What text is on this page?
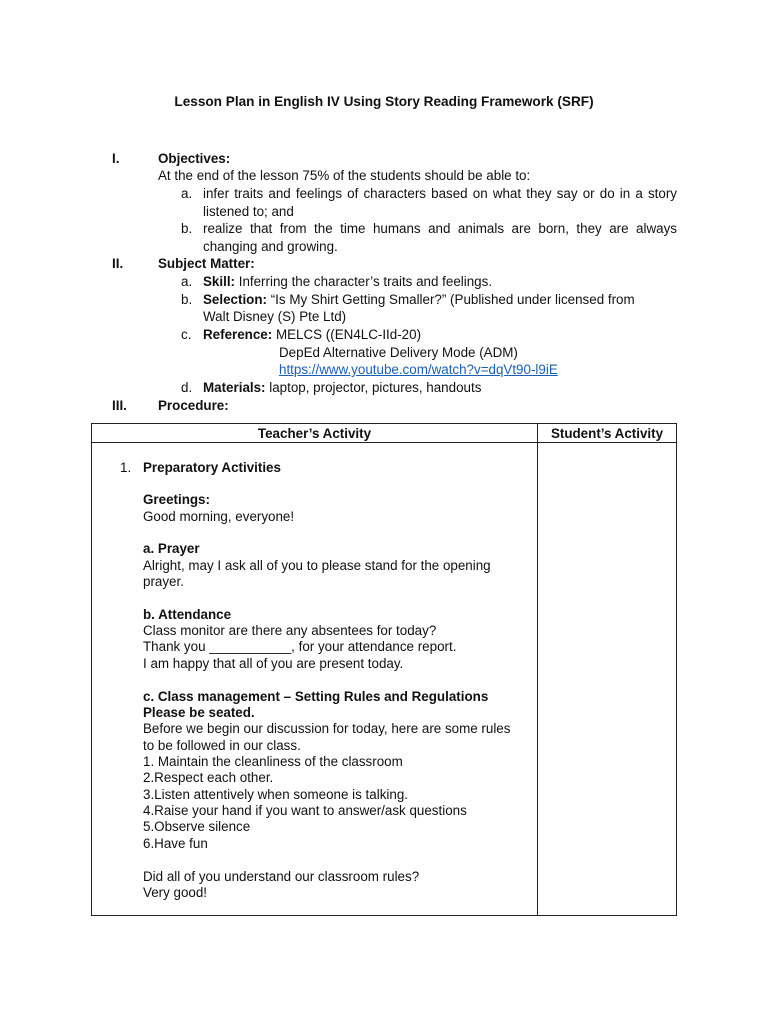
Lesson Plan in English IV Using Story Reading Framework (SRF)
I.	Objectives:
At the end of the lesson 75% of the students should be able to:
a. infer traits and feelings of characters based on what they say or do in a story
listened to; and
b. realize that from the time humans and animals are born, they are always
changing and growing.
II.	Subject Matter:
a. Skill: Inferring the character’s traits and feelings.
b. Selection: “Is My Shirt Getting Smaller?” (Published under licensed from
Walt Disney (S) Pte Ltd)
c. Reference: MELCS ((EN4LC-IId-20)
DepEd Alternative Delivery Mode (ADM)
https://www.youtube.com/watch?v=dqVt90-l9iE
d. Materials: laptop, projector, pictures, handouts
III. Procedure:
Teacher’s Activity	Student’s Activity
1. Preparatory Activities
Greetings:
Good morning, everyone!
a. Prayer
Alright, may I ask all of you to please stand for the opening
prayer.
b. Attendance
Class monitor are there any absentees for today?
Thank you ___________, for your attendance report.
I am happy that all of you are present today.
c. Class management – Setting Rules and Regulations
Please be seated.
Before we begin our discussion for today, here are some rules
to be followed in our class.
1. Maintain the cleanliness of the classroom
2.Respect each other.
3.Listen attentively when someone is talking.
4.Raise your hand if you want to answer/ask questions
5.Observe silence
6.Have fun
Did all of you understand our classroom rules?
Very good!
